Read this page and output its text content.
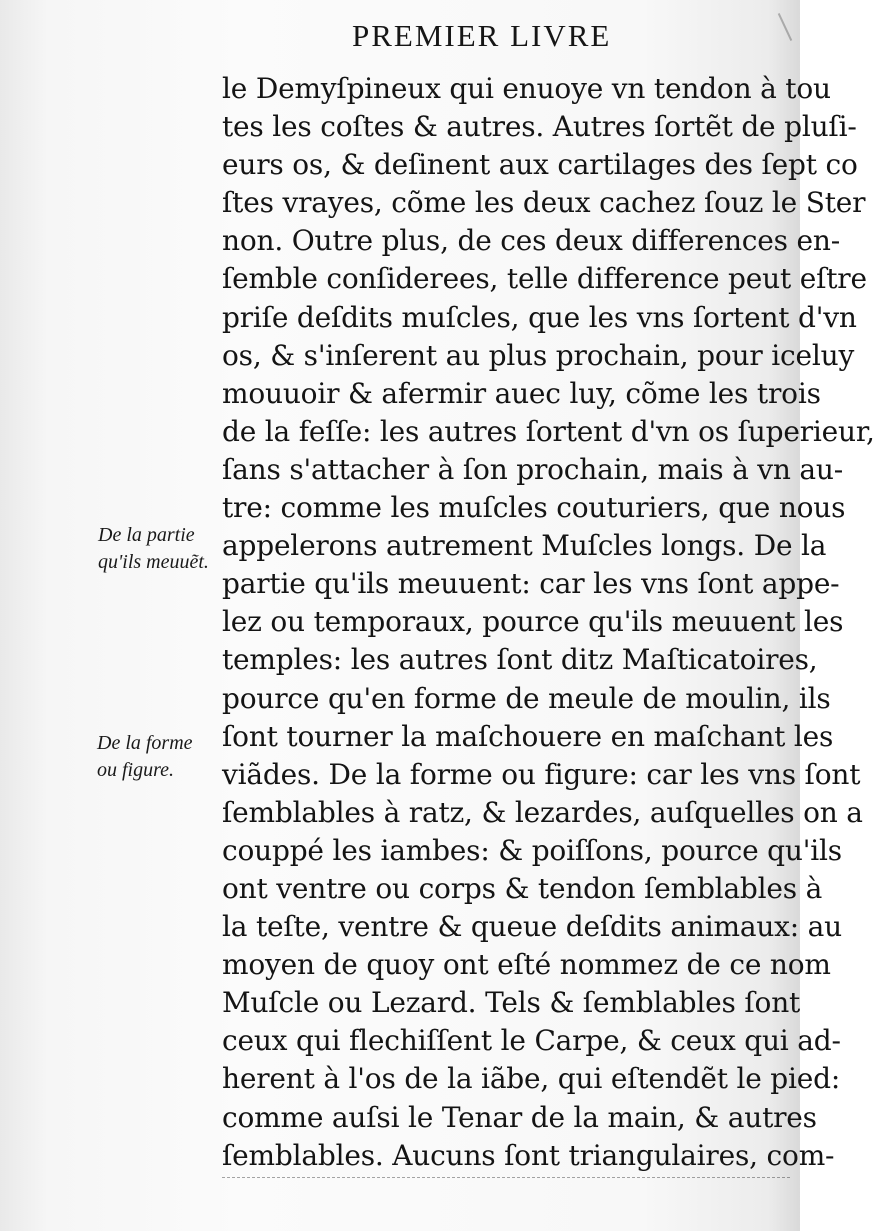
PREMIER LIVRE
le Demyſpineux qui enuoye vn tendon à tou
tes les coſtes & autres. Autres ſortẽt de pluſi-
eurs os, & deſinent aux cartilages des ſept co
ſtes vrayes, cõme les deux cachez ſouz le Ster
non. Outre plus, de ces deux differences en-
ſemble conſiderees, telle difference peut eſtre
priſe deſdits muſcles, que les vns ſortent d'vn
os, & s'inſerent au plus prochain, pour iceluy
mouuoir & afermir auec luy, cõme les trois
de la feſſe: les autres ſortent d'vn os ſuperieur,
ſans s'attacher à ſon prochain, mais à vn au-
tre: comme les muſcles couturiers, que nous
appelerons autrement Muſcles longs. De la
partie qu'ils meuuent: car les vns ſont appe-
lez ou temporaux, pource qu'ils meuuent les
temples: les autres ſont ditz Maſticatoires,
pource qu'en forme de meule de moulin, ils
ſont tourner la maſchouere en maſchant les
viãdes. De la forme ou figure: car les vns ſont
ſemblables à ratz, & lezardes, auſquelles on a
couppé les iambes: & poiſſons, pource qu'ils
ont ventre ou corps & tendon ſemblables à
la teſte, ventre & queue deſdits animaux: au
moyen de quoy ont eſté nommez de ce nom
Muſcle ou Lezard. Tels & ſemblables ſont
ceux qui flechiſſent le Carpe, & ceux qui ad-
herent à l'os de la iãbe, qui eſtendẽt le pied:
comme auſsi le Tenar de la main, & autres
ſemblables. Aucuns ſont triangulaires, com-
De la partie
qu'ils meuuẽt.
De la forme
ou figure.
